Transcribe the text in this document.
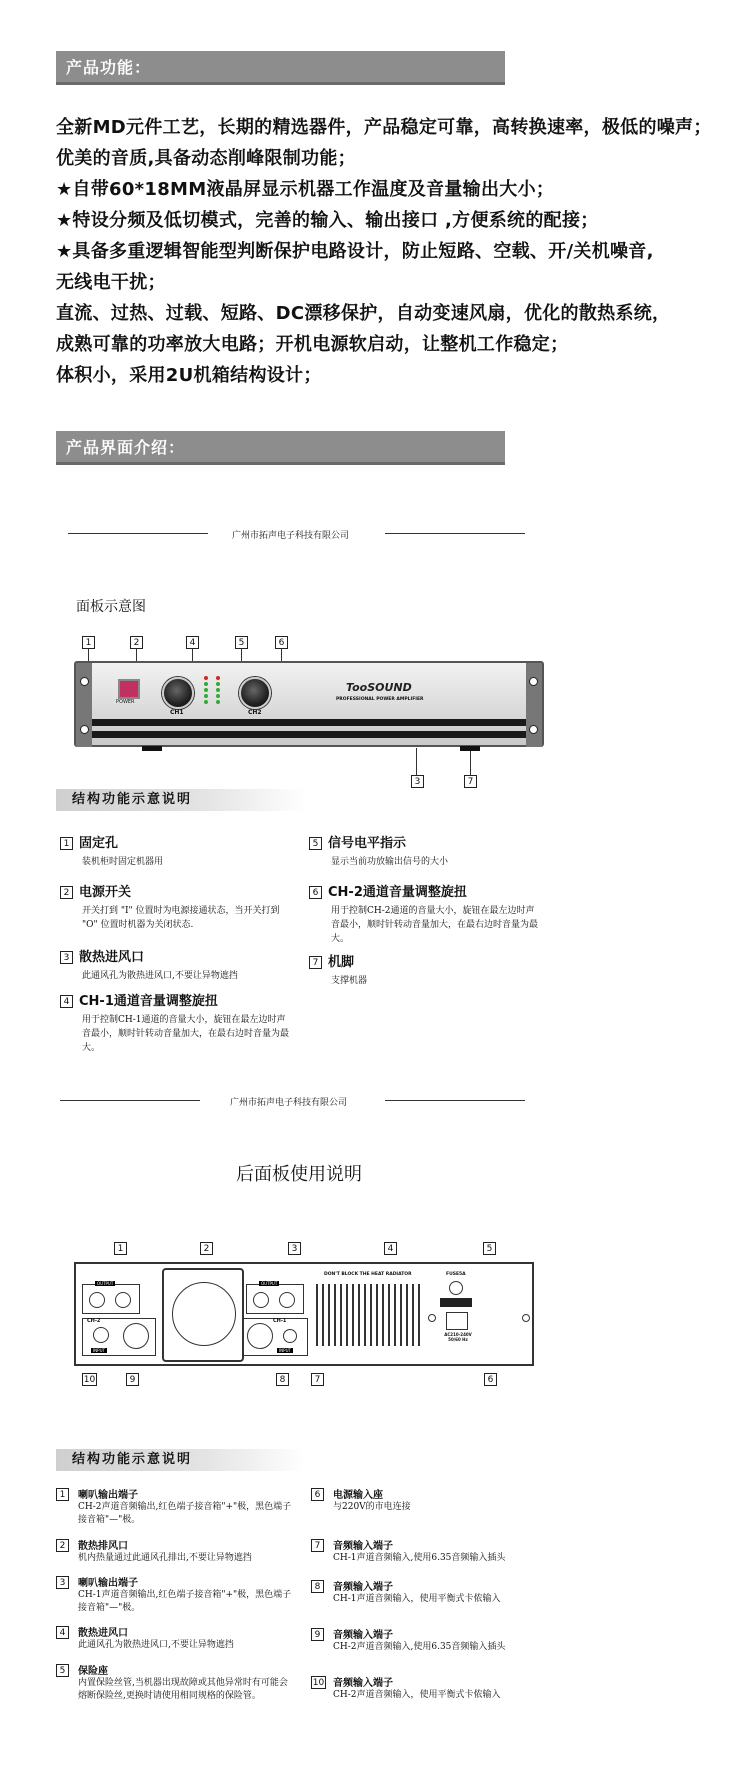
产品功能：
全新MD元件工艺，长期的精选器件，产品稳定可靠，高转换速率，极低的噪声；
优美的音质,具备动态削峰限制功能；
★自带60*18MM液晶屏显示机器工作温度及音量输出大小；
★特设分频及低切模式，完善的输入、输出接口 ,方便系统的配接；
★具备多重逻辑智能型判断保护电路设计，防止短路、空载、开/关机噪音,
无线电干扰；
直流、过热、过载、短路、DC漂移保护，自动变速风扇，优化的散热系统，
成熟可靠的功率放大电路；开机电源软启动，让整机工作稳定；
体积小，采用2U机箱结构设计；
产品界面介绍：
广州市拓声电子科技有限公司
面板示意图
1	2	4	5	6
POWER
CH1	CH2
TooSOUND
PROFESSIONAL POWER AMPLIFIER
3	7
结构功能示意说明
1 固定孔
装机柜时固定机器用
2 电源开关
开关打到 "I" 位置时为电源接通状态，当开关打到 "O" 位置时机器为关闭状态.
3 散热进风口
此通风孔为散热进风口,不要让异物遮挡
4 CH-1通道音量调整旋扭
用于控制CH-1通道的音量大小，旋钮在最左边时声音最小，顺时针转动音量加大，在最右边时音量为最大。
5 信号电平指示
显示当前功放输出信号的大小
6 CH-2通道音量调整旋扭
用于控制CH-2通道的音量大小，旋钮在最左边时声音最小，顺时针转动音量加大，在最右边时音量为最大。
7 机脚
支撑机器
广州市拓声电子科技有限公司
后面板使用说明
1	2	3	4	5
OUTPUT
CH-2
INPUT
OUTPUT
CH-1
INPUT
DON'T BLOCK THE HEAT RADIATOR	FUSE5A
AC210-240V 50/60 Hz
10	9	8	7	6
结构功能示意说明
1	喇叭输出端子
CH-2声道音频输出,红色端子接音箱"+"极，黑色端子接音箱"—"极。
2	散热排风口
机内热量通过此通风孔排出,不要让异物遮挡
3	喇叭输出端子
CH-1声道音频输出,红色端子接音箱"+"极，黑色端子接音箱"—"极。
4	散热进风口
此通风孔为散热进风口,不要让异物遮挡
5	保险座
内置保险丝管,当机器出现故障或其他异常时有可能会熔断保险丝,更换时请使用相同规格的保险管。
6	电源输入座
与220V的市电连接
7	音频输入端子
CH-1声道音频输入,使用6.35音频输入插头
8	音频输入端子
CH-1声道音频输入，使用平衡式卡侬输入
9	音频输入端子
CH-2声道音频输入,使用6.35音频输入插头
10 音频输入端子
CH-2声道音频输入，使用平衡式卡侬输入
